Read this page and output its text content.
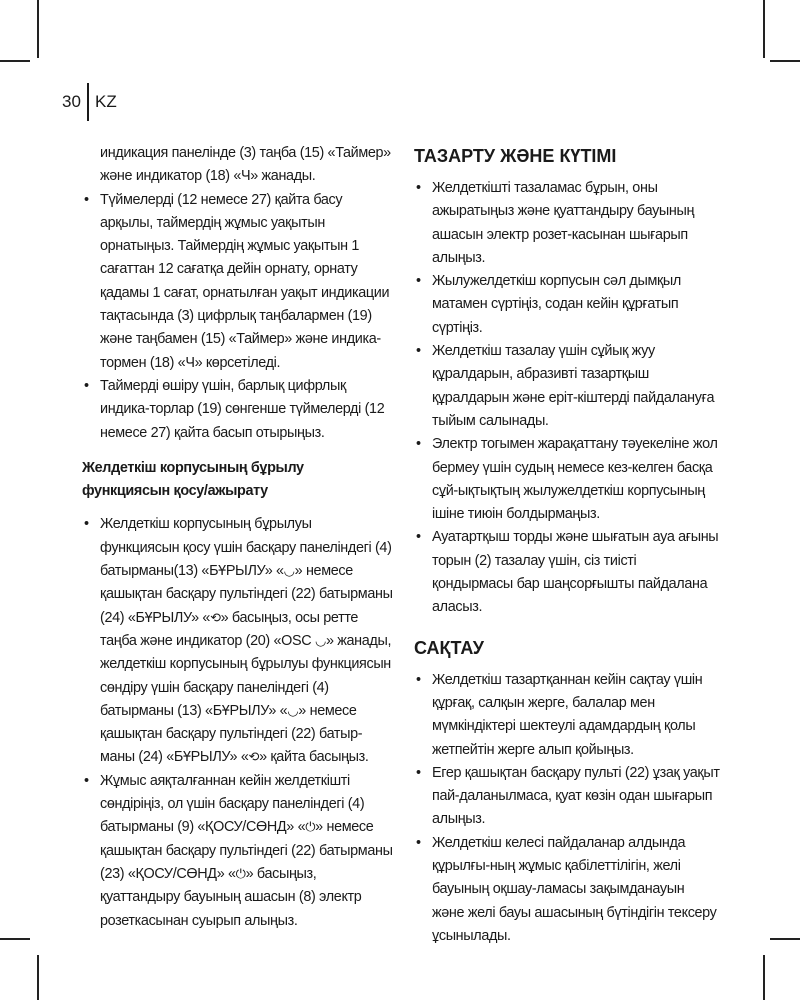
30 KZ

индикация панелінде (3) таңба (15) «Таймер»

және индикатор (18) «Ч» жанады.

• Түймелерді (12 немесе 27) қайта басу арқылы, таймердің жұмыс уақытын орнатыңыз. Таймердің жұмыс уақытын 1 сағаттан 12 сағатқа дейін орнату, орнату қадамы 1 сағат, орнатылған уақыт индикации тақтасында (3) цифрлық таңбалармен (19) және таңбамен (15) «Таймер» және индика-тормен (18) «Ч» көрсетіледі.
• Таймерді өшіру үшін, барлық цифрлық индика-торлар (19) сөнгенше түймелерді (12 немесе 27) қайта басып отырыңыз.

Желдеткіш корпусының бұрылу функциясын қосу/ажырату

• Желдеткіш корпусының бұрылуы функциясын қосу үшін басқару панеліндегі (4) батырманы(13) «БҰРЫЛУ» «◡» немесе қашықтан басқару пультіндегі (22) батырманы (24) «БҰРЫЛУ» «⟲» басыңыз, осы ретте таңба және индикатор (20) «OSC ◡» жанады, желдеткіш корпусының бұрылуы функциясын сөндіру үшін басқару панеліндегі (4) батырманы (13) «БҰРЫЛУ» «◡» немесе қашықтан басқару пультіндегі (22) батыр-маны (24) «БҰРЫЛУ» «⟲» қайта басыңыз.
• Жұмыс аяқталғаннан кейін желдеткішті сөндіріңіз, ол үшін басқару панеліндегі (4) батырманы (9) «ҚОСУ/СӨНД» «⏻» немесе қашықтан басқару пультіндегі (22) батырманы (23) «ҚОСУ/СӨНД» «⏻» басыңыз, қуаттандыру бауының ашасын (8) электр розеткасынан суырып алыңыз.

ТАЗАРТУ ЖӘНЕ КҮТІМІ

• Желдеткішті тазаламас бұрын, оны ажыратыңыз және қуаттандыру бауының ашасын электр розет-касынан шығарып алыңыз.
• Жылужелдеткіш корпусын сәл дымқыл матамен сүртіңіз, содан кейін құрғатып сүртіңіз.
• Желдеткіш тазалау үшін сұйық жуу құралдарын, абразивті тазартқыш құралдарын және еріт-кіштерді пайдалануға тыйым салынады.
• Электр тогымен жарақаттану тәуекеліне жол бермеу үшін судың немесе кез-келген басқа сұй-ықтықтың жылужелдеткіш корпусының ішіне тиюін болдырмаңыз.
• Ауатартқыш торды және шығатын ауа ағыны торын (2) тазалау үшін, сіз тиісті қондырмасы бар шаңсорғышты пайдалана аласыз.

САҚТАУ

• Желдеткіш тазартқаннан кейін сақтау үшін құрғақ, салқын жерге, балалар мен мүмкіндіктері шектеулі адамдардың қолы жетпейтін жерге алып қойыңыз.
• Егер қашықтан басқару пульті (22) ұзақ уақыт пай-даланылмаса, қуат көзін одан шығарып алыңыз.
• Желдеткіш келесі пайдаланар алдында құрылғы-ның жұмыс қабілеттілігін, желі бауының оқшау-ламасы зақымданауын және желі бауы ашасының бүтіндігін тексеру ұсынылады.
